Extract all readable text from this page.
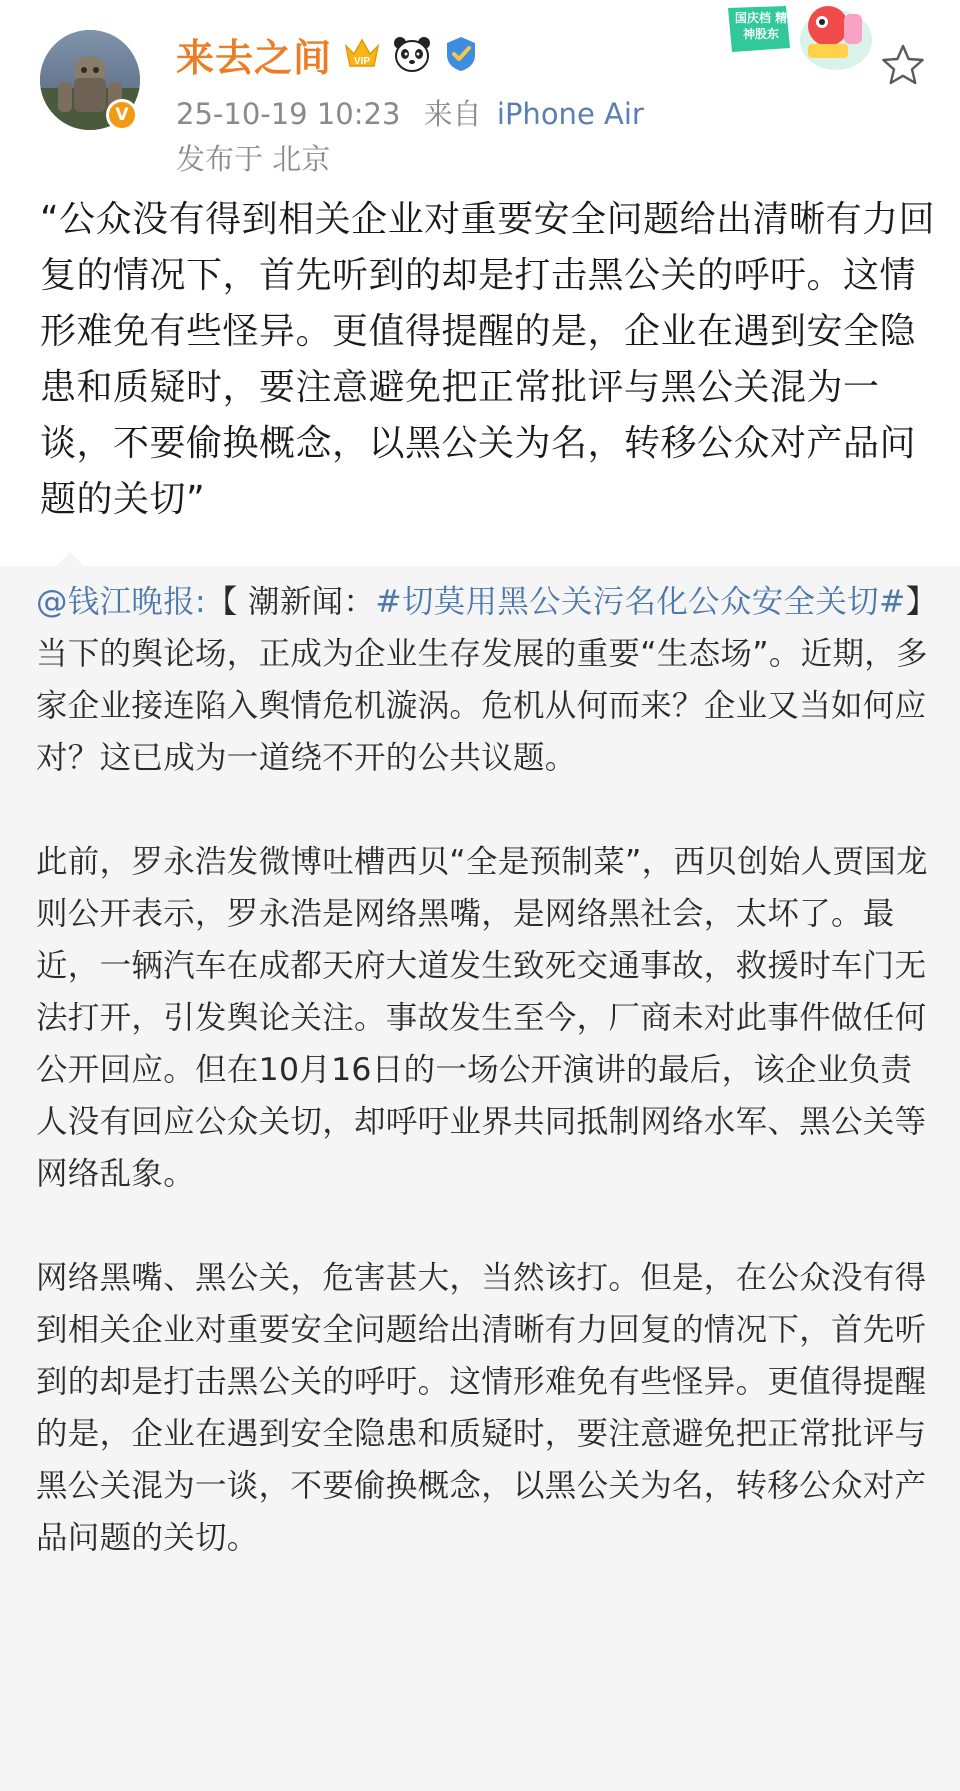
V
来去之间 VIP
25-10-19 10:23 来自 iPhone Air
发布于 北京
国庆档 精神股东

“公众没有得到相关企业对重要安全问题给出清晰有力回复的情况下，首先听到的却是打击黑公关的呼吁。这情形难免有些怪异。更值得提醒的是，企业在遇到安全隐患和质疑时，要注意避免把正常批评与黑公关混为一谈，不要偷换概念，以黑公关为名，转移公众对产品问题的关切”

@钱江晚报:【 潮新闻：#切莫用黑公关污名化公众安全关切#】当下的舆论场，正成为企业生存发展的重要“生态场”。近期，多家企业接连陷入舆情危机漩涡。危机从何而来？企业又当如何应对？这已成为一道绕不开的公共议题。

此前，罗永浩发微博吐槽西贝“全是预制菜”，西贝创始人贾国龙则公开表示，罗永浩是网络黑嘴，是网络黑社会，太坏了。最近，一辆汽车在成都天府大道发生致死交通事故，救援时车门无法打开，引发舆论关注。事故发生至今，厂商未对此事件做任何公开回应。但在10月16日的一场公开演讲的最后，该企业负责人没有回应公众关切，却呼吁业界共同抵制网络水军、黑公关等网络乱象。

网络黑嘴、黑公关，危害甚大，当然该打。但是，在公众没有得到相关企业对重要安全问题给出清晰有力回复的情况下，首先听到的却是打击黑公关的呼吁。这情形难免有些怪异。更值得提醒的是，企业在遇到安全隐患和质疑时，要注意避免把正常批评与黑公关混为一谈，不要偷换概念，以黑公关为名，转移公众对产品问题的关切。
